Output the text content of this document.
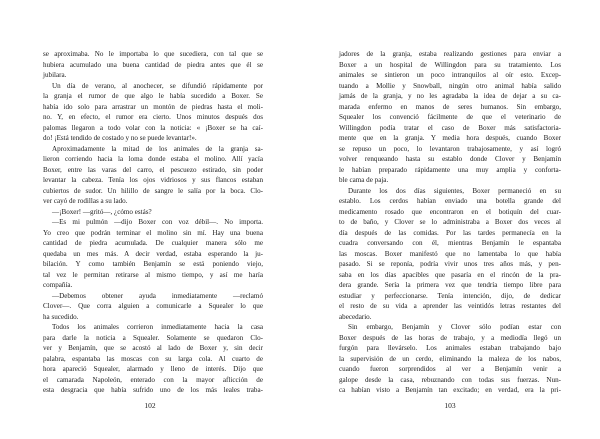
se aproximaba. No le importaba lo que sucediera, con tal que se
hubiera acumulado una buena cantidad de piedra antes que él se
jubilara.
Un día de verano, al anochecer, se difundió rápidamente por
la granja el rumor de que algo le había sucedido a Boxer. Se
había ido solo para arrastrar un montón de piedras hasta el moli-
no. Y, en efecto, el rumor era cierto. Unos minutos después dos
palomas llegaron a todo volar con la noticia: « ¡Boxer se ha caí-
do! ¡Está tendido de costado y no se puede levantar!».
Aproximadamente la mitad de los animales de la granja sa-
lieron corriendo hacia la loma donde estaba el molino. Allí yacía
Boxer, entre las varas del carro, el pescuezo estirado, sin poder
levantar la cabeza. Tenía los ojos vidriosos y sus flancos estaban
cubiertos de sudor. Un hilillo de sangre le salía por la boca. Clo-
ver cayó de rodillas a su lado.
—¡Boxer! —gritó—, ¿cómo estás?
—Es mi pulmón —dijo Boxer con voz débil—. No importa.
Yo creo que podrán terminar el molino sin mí. Hay una buena
cantidad de piedra acumulada. De cualquier manera sólo me
quedaba un mes más. A decir verdad, estaba esperando la ju-
bilación. Y como también Benjamín se está poniendo viejo,
tal vez le permitan retirarse al mismo tiempo, y así me haría
compañía.
—Debemos obtener ayuda inmediatamente —reclamó
Clover—. Que corra alguien a comunicarle a Squealer lo que
ha sucedido.
Todos los animales corrieron inmediatamente hacia la casa
para darle la noticia a Squealer. Solamente se quedaron Clo-
ver y Benjamín, que se acostó al lado de Boxer y, sin decir
palabra, espantaba las moscas con su larga cola. Al cuarto de
hora apareció Squealer, alarmado y lleno de interés. Dijo que
el camarada Napoleón, enterado con la mayor aflicción de
esta desgracia que había sufrido uno de los más leales traba-
102
jadores de la granja, estaba realizando gestiones para enviar a
Boxer a un hospital de Willingdon para su tratamiento. Los
animales se sintieron un poco intranquilos al oír esto. Excep-
tuando a Mollie y Snowball, ningún otro animal había salido
jamás de la granja, y no les agradaba la idea de dejar a su ca-
marada enfermo en manos de seres humanos. Sin embargo,
Squealer los convenció fácilmente de que el veterinario de
Willingdon podía tratar el caso de Boxer más satisfactoria-
mente que en la granja. Y media hora después, cuando Boxer
se repuso un poco, lo levantaron trabajosamente, y así logró
volver renqueando hasta su establo donde Clover y Benjamín
le habían preparado rápidamente una muy amplia y conforta-
ble cama de paja.
Durante los dos días siguientes, Boxer permaneció en su
establo. Los cerdos habían enviado una botella grande del
medicamento rosado que encontraron en el botiquín del cuar-
to de baño, y Clover se lo administraba a Boxer dos veces al
día después de las comidas. Por las tardes permanecía en la
cuadra conversando con él, mientras Benjamín le espantaba
las moscas. Boxer manifestó que no lamentaba lo que había
pasado. Si se reponía, podría vivir unos tres años más, y pen-
saba en los días apacibles que pasaría en el rincón de la pra-
dera grande. Sería la primera vez que tendría tiempo libre para
estudiar y perfeccionarse. Tenía intención, dijo, de dedicar
el resto de su vida a aprender las veintidós letras restantes del
abecedario.
Sin embargo, Benjamín y Clover sólo podían estar con
Boxer después de las horas de trabajo, y a mediodía llegó un
furgón para llevárselo. Los animales estaban trabajando bajo
la supervisión de un cerdo, eliminando la maleza de los nabos,
cuando fueron sorprendidos al ver a Benjamín venir a
galope desde la casa, rebuznando con todas sus fuerzas. Nun-
ca habían visto a Benjamín tan excitado; en verdad, era la pri-
103
